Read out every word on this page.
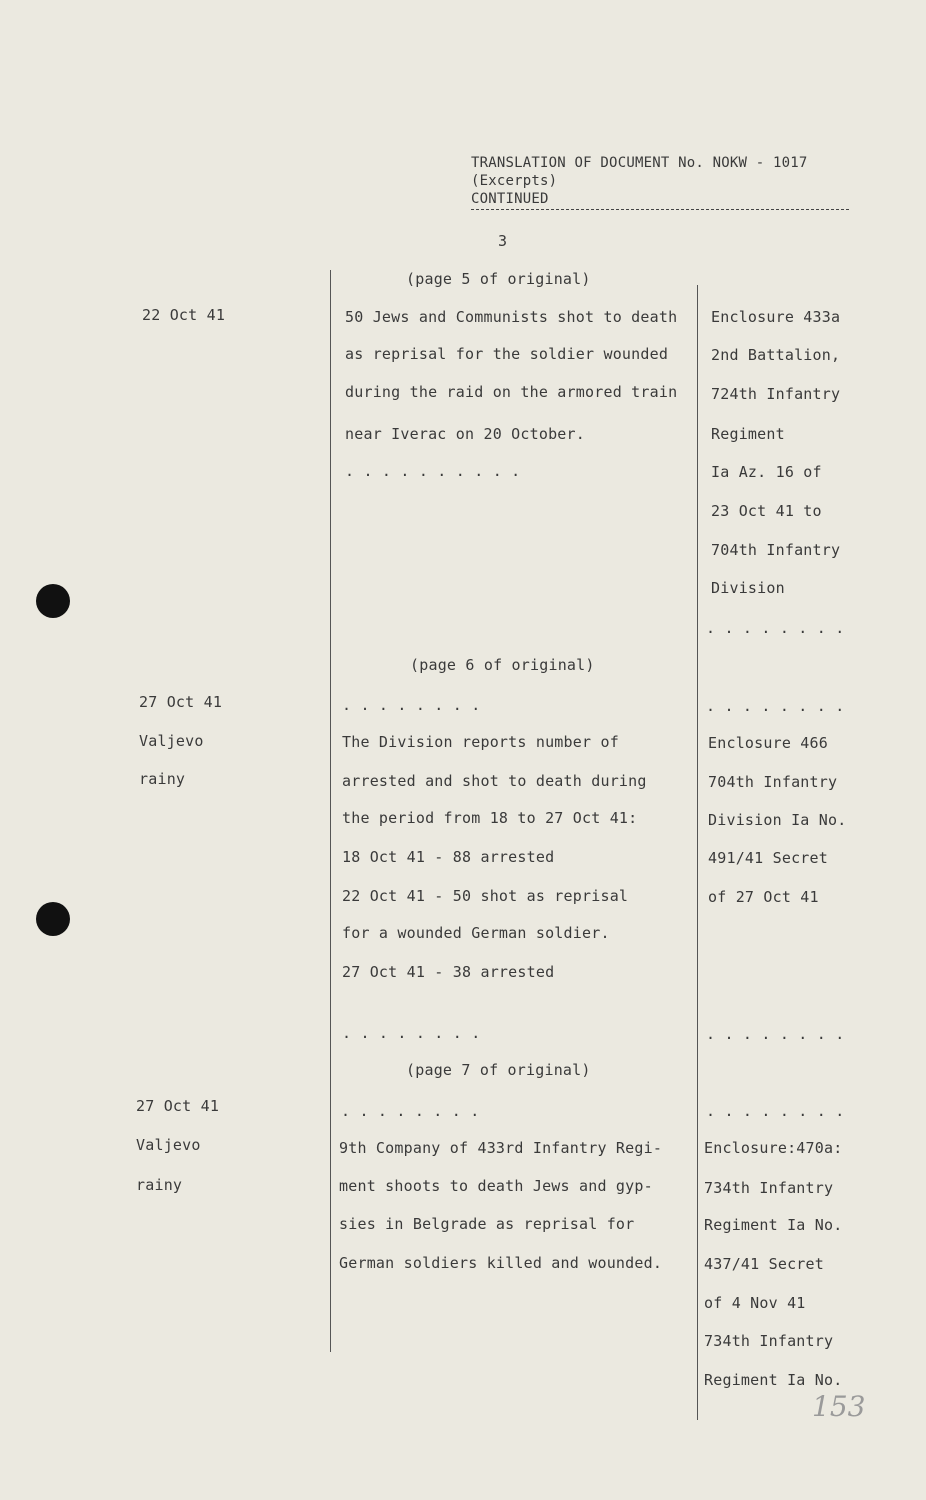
TRANSLATION OF DOCUMENT No. NOKW - 1017
(Excerpts)
CONTINUED
3
(page 5 of original)
22 Oct 41	50 Jews and Communists shot to death
as reprisal for the soldier wounded
during the raid on the armored train
near Iverac on 20 October.
. . . . . . . . . .
Enclosure 433a
2nd Battalion,
724th Infantry
Regiment
Ia Az. 16 of
23 Oct 41 to
704th Infantry
Division
. . . . . . . .
(page 6 of original)
27 Oct 41
Valjevo
rainy
. . . . . . . .
The Division reports number of
arrested and shot to death during
the period from 18 to 27 Oct 41:
18 Oct 41 - 88 arrested
22 Oct 41 - 50 shot as reprisal
for a wounded German soldier.
27 Oct 41 - 38 arrested
. . . . . . . .
. . . . . . . .
Enclosure 466
704th Infantry
Division Ia No.
491/41 Secret
of 27 Oct 41
. . . . . . . .
(page 7 of original)
27 Oct 41
Valjevo
rainy
. . . . . . . .
9th Company of 433rd Infantry Regi-
ment shoots to death Jews and gyp-
sies in Belgrade as reprisal for
German soldiers killed and wounded.
. . . . . . . .
Enclosure:470a:
734th Infantry
Regiment Ia No.
437/41 Secret
of 4 Nov 41
734th Infantry
Regiment Ia No.
153
